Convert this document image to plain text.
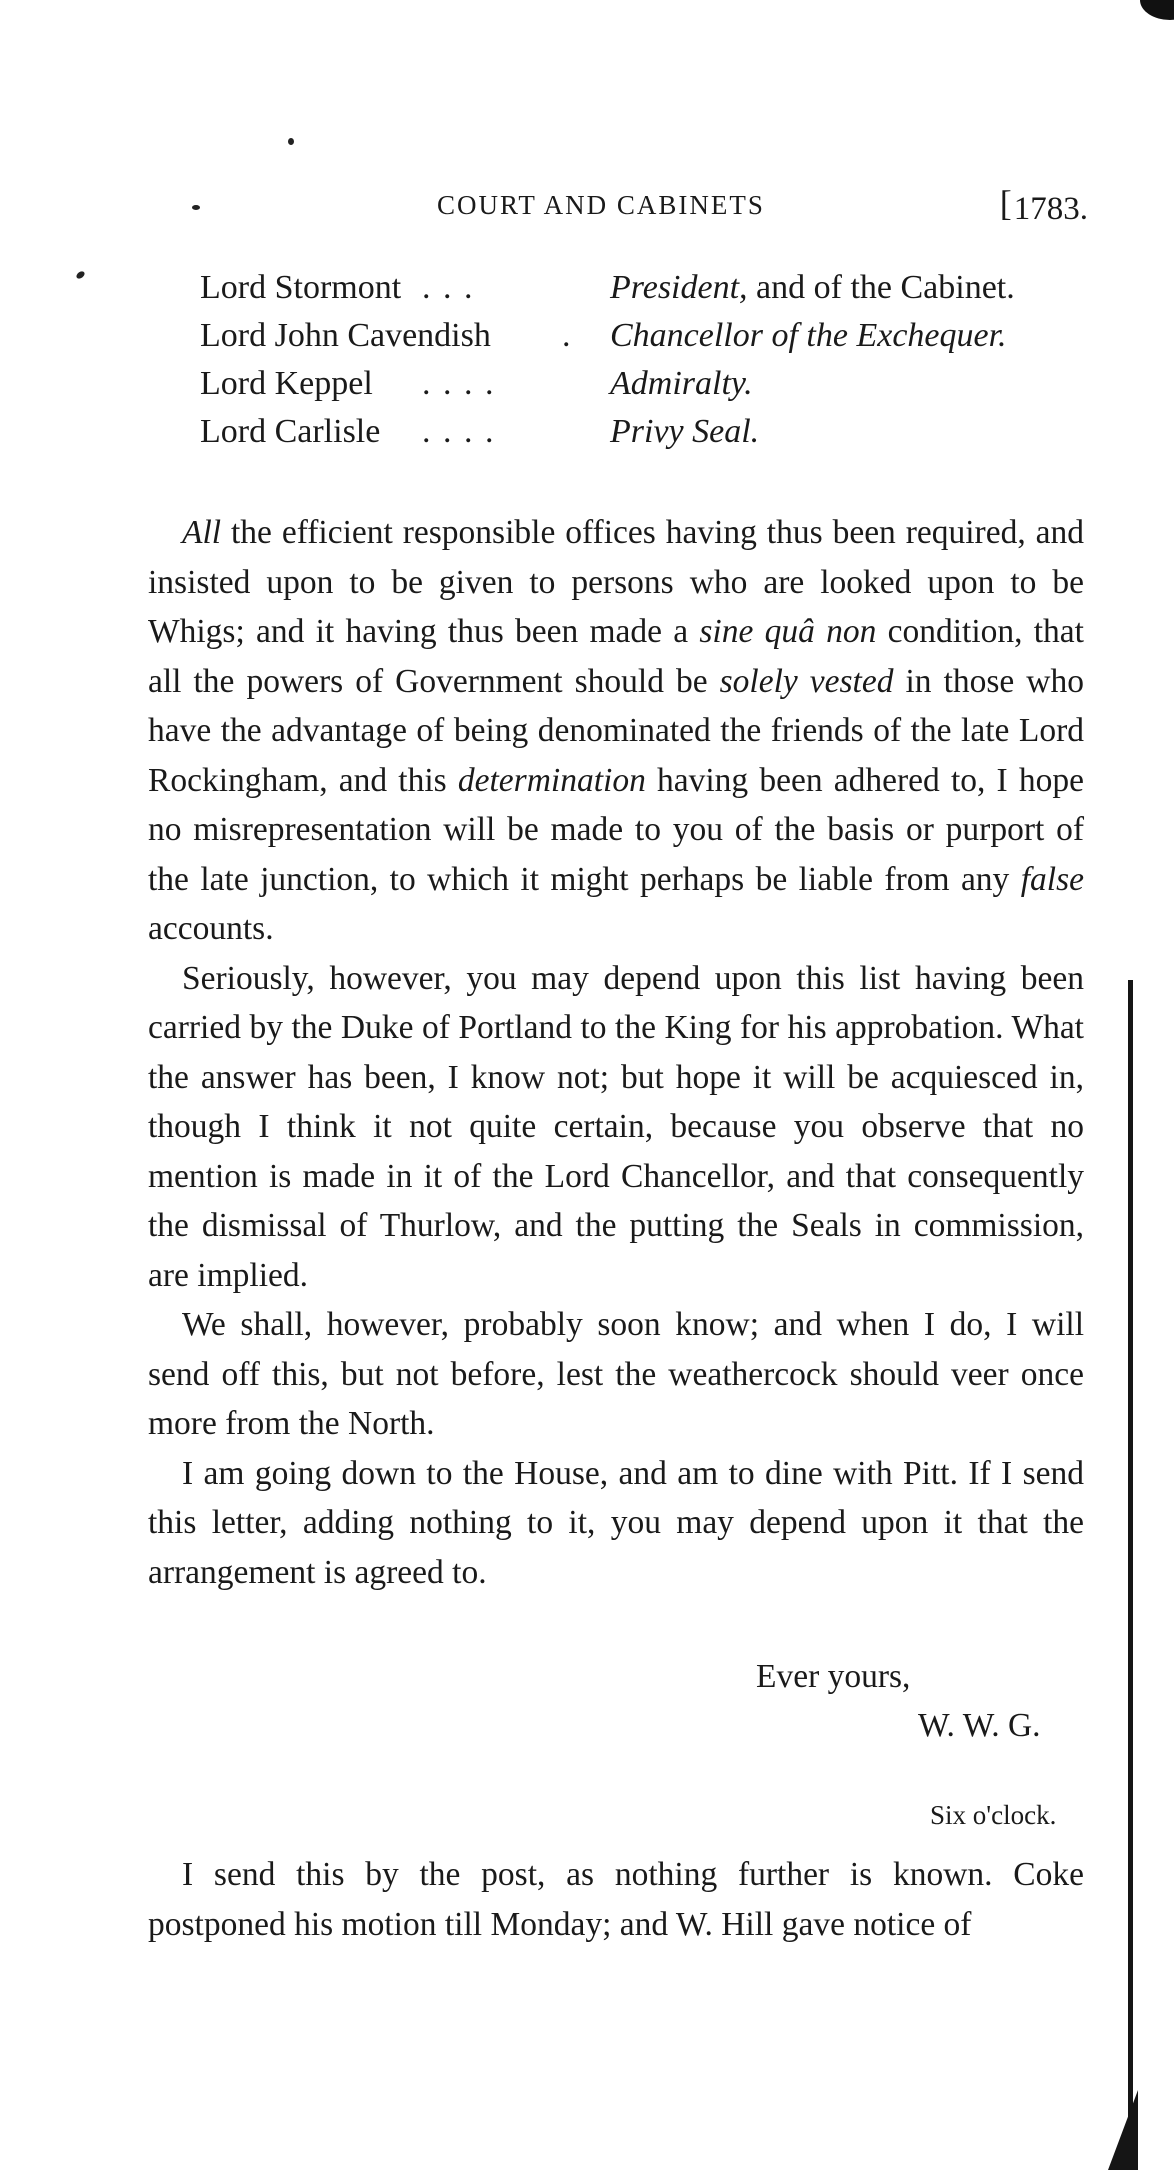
COURT AND CABINETS	[ 1783.
Lord Stormont . . .	President, and of the Cabinet.
Lord John Cavendish .	Chancellor of the Exchequer.
Lord Keppel . . . .	Admiralty.
Lord Carlisle . . . .	Privy Seal.

All the efficient responsible offices having thus been required, and insisted upon to be given to persons who are looked upon to be Whigs; and it having thus been made a sine quâ non condition, that all the powers of Government should be solely vested in those who have the advantage of being denominated the friends of the late Lord Rockingham, and this determination having been adhered to, I hope no misrepresentation will be made to you of the basis or purport of the late junction, to which it might perhaps be liable from any false accounts.

Seriously, however, you may depend upon this list having been carried by the Duke of Portland to the King for his approbation. What the answer has been, I know not; but hope it will be acquiesced in, though I think it not quite certain, because you observe that no mention is made in it of the Lord Chancellor, and that consequently the dismissal of Thurlow, and the putting the Seals in commission, are implied.

We shall, however, probably soon know; and when I do, I will send off this, but not before, lest the weathercock should veer once more from the North.

I am going down to the House, and am to dine with Pitt. If I send this letter, adding nothing to it, you may depend upon it that the arrangement is agreed to.

Ever yours,
W. W. G.
Six o'clock.

I send this by the post, as nothing further is known. Coke postponed his motion till Monday; and W. Hill gave notice of
